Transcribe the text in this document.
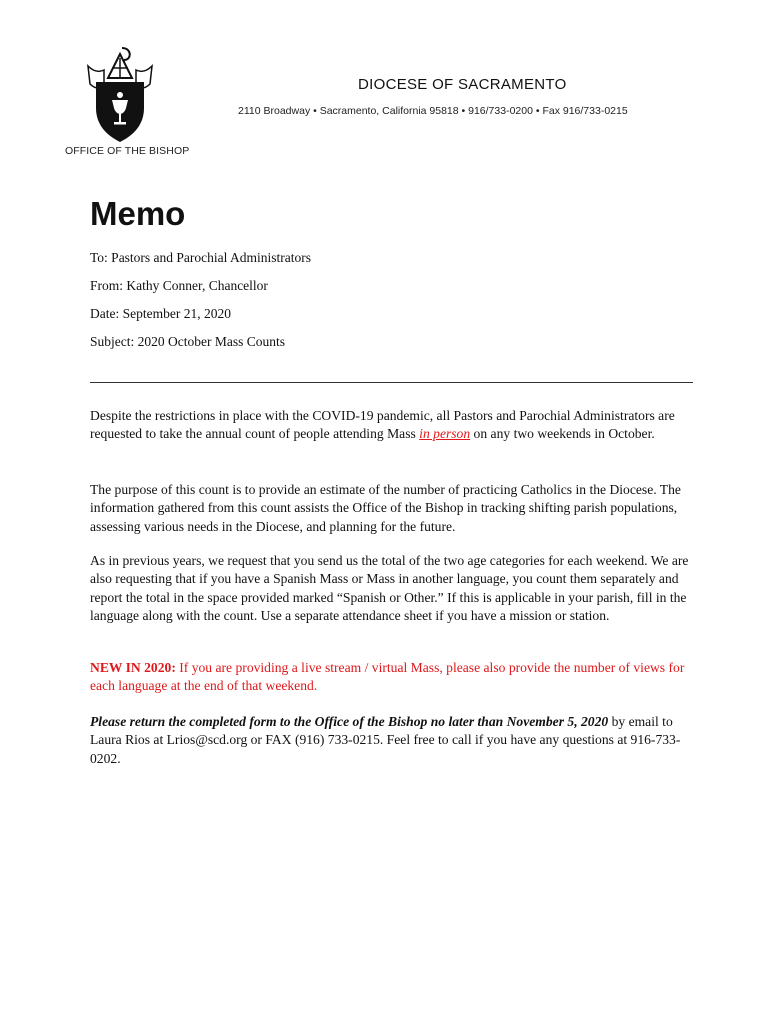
OFFICE OF THE BISHOP
DIOCESE OF SACRAMENTO
2110 Broadway • Sacramento, California 95818 • 916/733-0200 • Fax 916/733-0215
Memo
To: Pastors and Parochial Administrators
From: Kathy Conner, Chancellor
Date: September 21, 2020
Subject: 2020 October Mass Counts

Despite the restrictions in place with the COVID-19 pandemic, all Pastors and Parochial Administrators are requested to take the annual count of people attending Mass in person on any two weekends in October.

The purpose of this count is to provide an estimate of the number of practicing Catholics in the Diocese. The information gathered from this count assists the Office of the Bishop in tracking shifting parish populations, assessing various needs in the Diocese, and planning for the future.

As in previous years, we request that you send us the total of the two age categories for each weekend. We are also requesting that if you have a Spanish Mass or Mass in another language, you count them separately and report the total in the space provided marked “Spanish or Other.” If this is applicable in your parish, fill in the language along with the count. Use a separate attendance sheet if you have a mission or station.

NEW IN 2020: If you are providing a live stream / virtual Mass, please also provide the number of views for each language at the end of that weekend.

Please return the completed form to the Office of the Bishop no later than November 5, 2020 by email to Laura Rios at Lrios@scd.org or FAX (916) 733-0215. Feel free to call if you have any questions at 916-733-0202.
